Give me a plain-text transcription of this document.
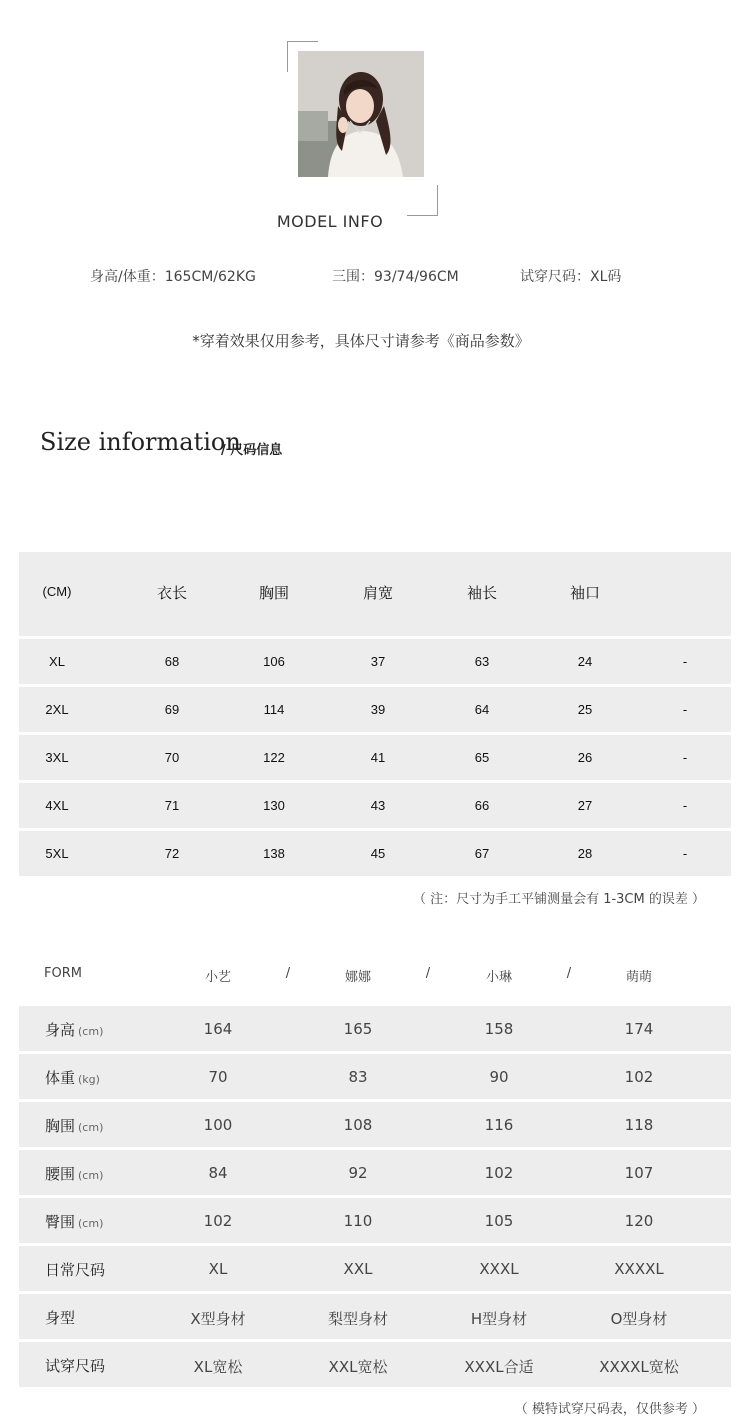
MODEL INFO
身高/体重：165CM/62KG	三围：93/74/96CM	试穿尺码：XL码
*穿着效果仅用参考，具体尺寸请参考《商品参数》
Size information
/ 尺码信息
(CM)	衣长	胸围	肩宽	袖长	袖口
XL	68	106	37	63	24	-
2XL	69	114	39	64	25	-
3XL	70	122	41	65	26	-
4XL	71	130	43	66	27	-
5XL	72	138	45	67	28	-
（ 注：尺寸为手工平铺测量会有 1-3CM 的误差 ）
FORM	小艺	/	娜娜	/	小琳	/	萌萌
身高 (cm)	164	165	158	174
体重 (kg)	70	83	90	102
胸围 (cm)	100	108	116	118
腰围 (cm)	84	92	102	107
臀围 (cm)	102	110	105	120
日常尺码	XL	XXL	XXXL	XXXXL
身型	X型身材	梨型身材	H型身材	O型身材
试穿尺码	XL宽松	XXL宽松	XXXL合适	XXXXL宽松
（ 模特试穿尺码表，仅供参考 ）
